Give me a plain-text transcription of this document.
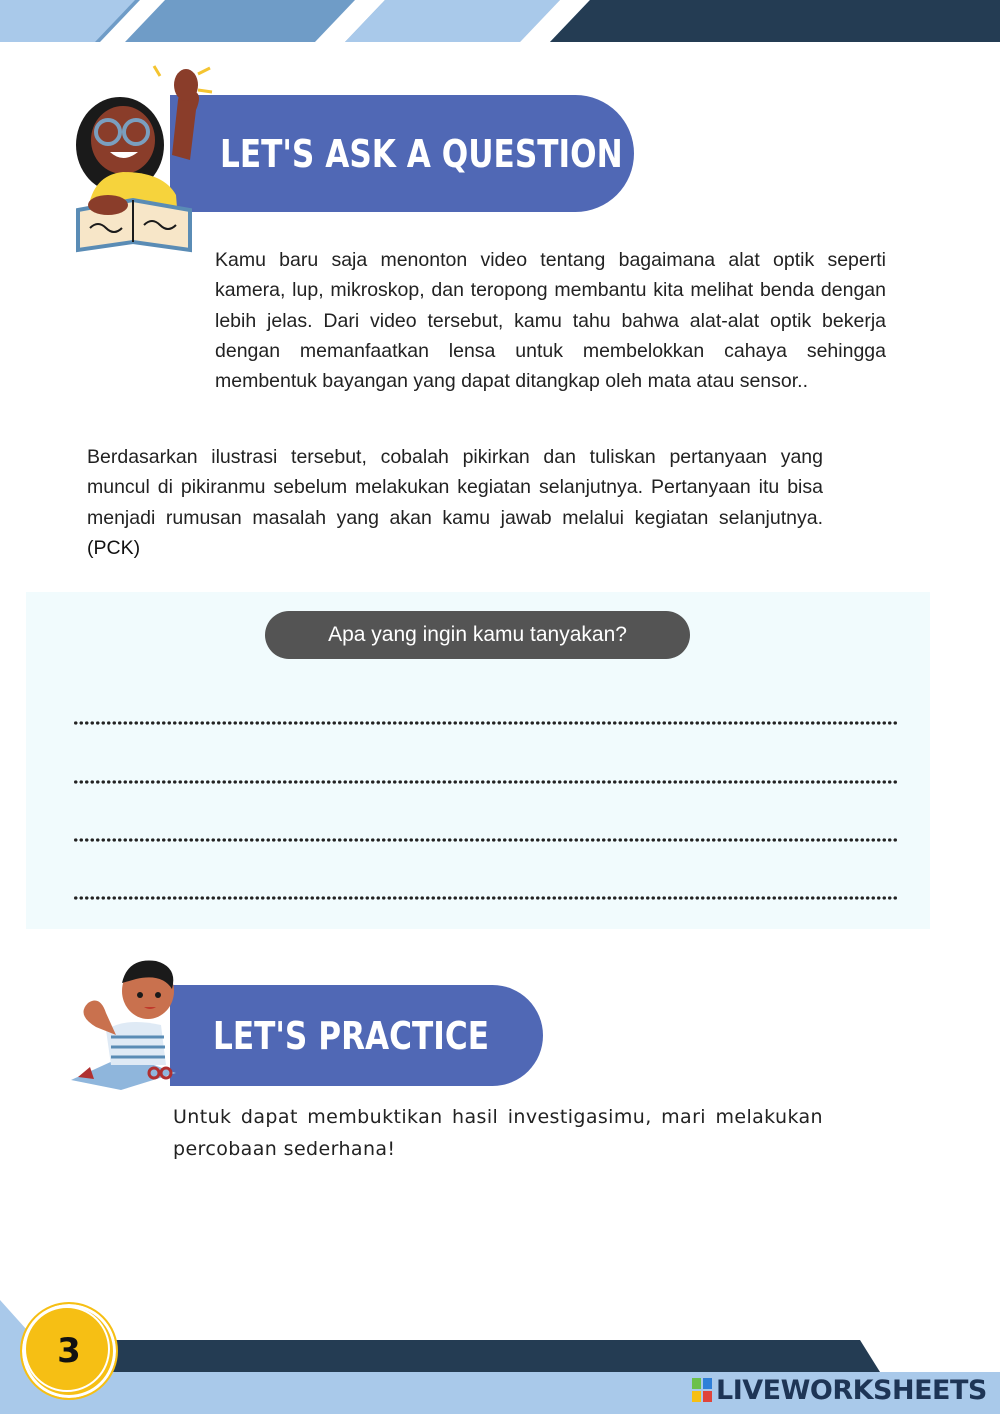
LET'S ASK A QUESTION
Kamu baru saja menonton video tentang bagaimana alat optik seperti kamera, lup, mikroskop, dan teropong membantu kita melihat benda dengan lebih jelas. Dari video tersebut, kamu tahu bahwa alat-alat optik bekerja dengan memanfaatkan lensa untuk membelokkan cahaya sehingga membentuk bayangan yang dapat ditangkap oleh mata atau sensor..
Berdasarkan ilustrasi tersebut, cobalah pikirkan dan tuliskan pertanyaan yang muncul di pikiranmu sebelum melakukan kegiatan selanjutnya. Pertanyaan itu bisa menjadi rumusan masalah yang akan kamu jawab melalui kegiatan selanjutnya. (PCK)
Apa yang ingin kamu tanyakan?
LET'S PRACTICE
Untuk dapat membuktikan hasil investigasimu, mari melakukan percobaan sederhana!
3
LIVEWORKSHEETS
